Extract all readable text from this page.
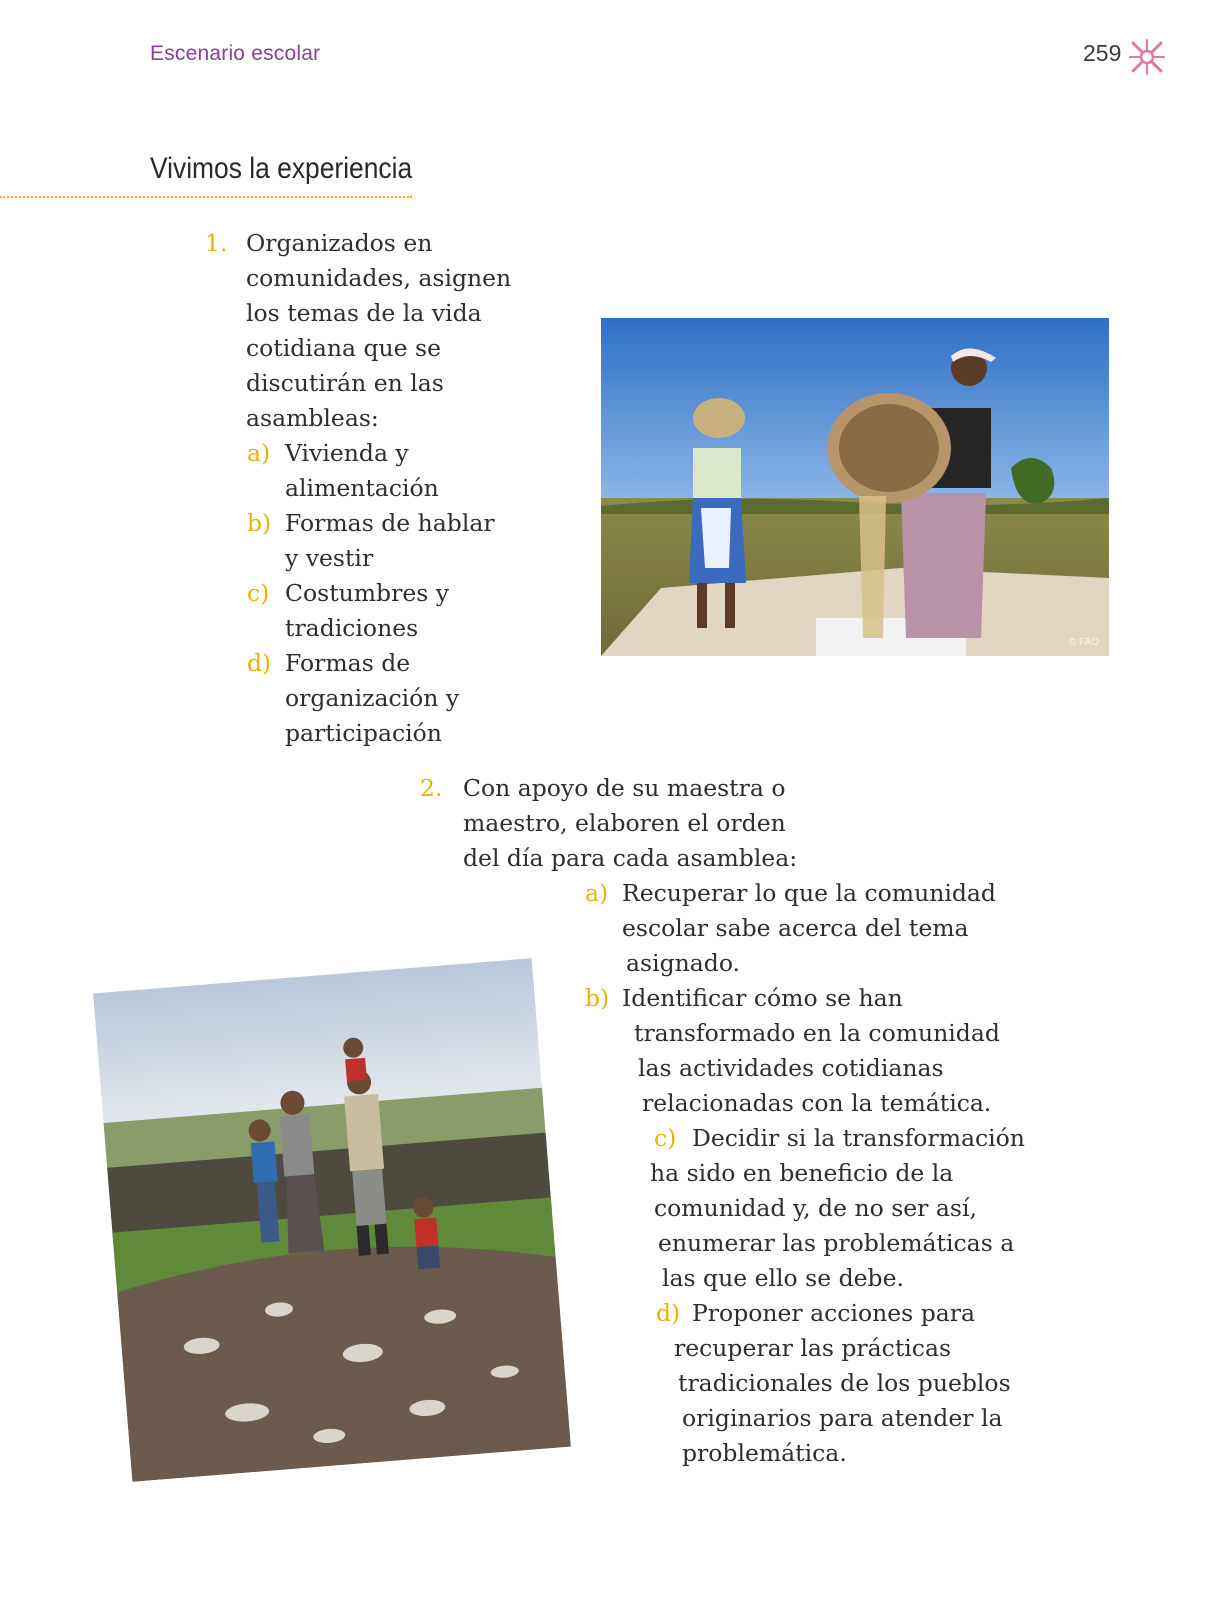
Escenario escolar	259
Vivimos la experiencia
1. Organizados en
comunidades, asignen
los temas de la vida
cotidiana que se
discutirán en las
asambleas:
a) Vivienda y
alimentación
b) Formas de hablar
y vestir
c) Costumbres y
tradiciones
d) Formas de
organización y
participación
© FAO
2. Con apoyo de su maestra o
maestro, elaboren el orden
del día para cada asamblea:
a) Recuperar lo que la comunidad
escolar sabe acerca del tema
asignado.
b) Identificar cómo se han
transformado en la comunidad
las actividades cotidianas
relacionadas con la temática.
c) Decidir si la transformación
ha sido en beneficio de la
comunidad y, de no ser así,
enumerar las problemáticas a
las que ello se debe.
d) Proponer acciones para
recuperar las prácticas
tradicionales de los pueblos
originarios para atender la
problemática.
